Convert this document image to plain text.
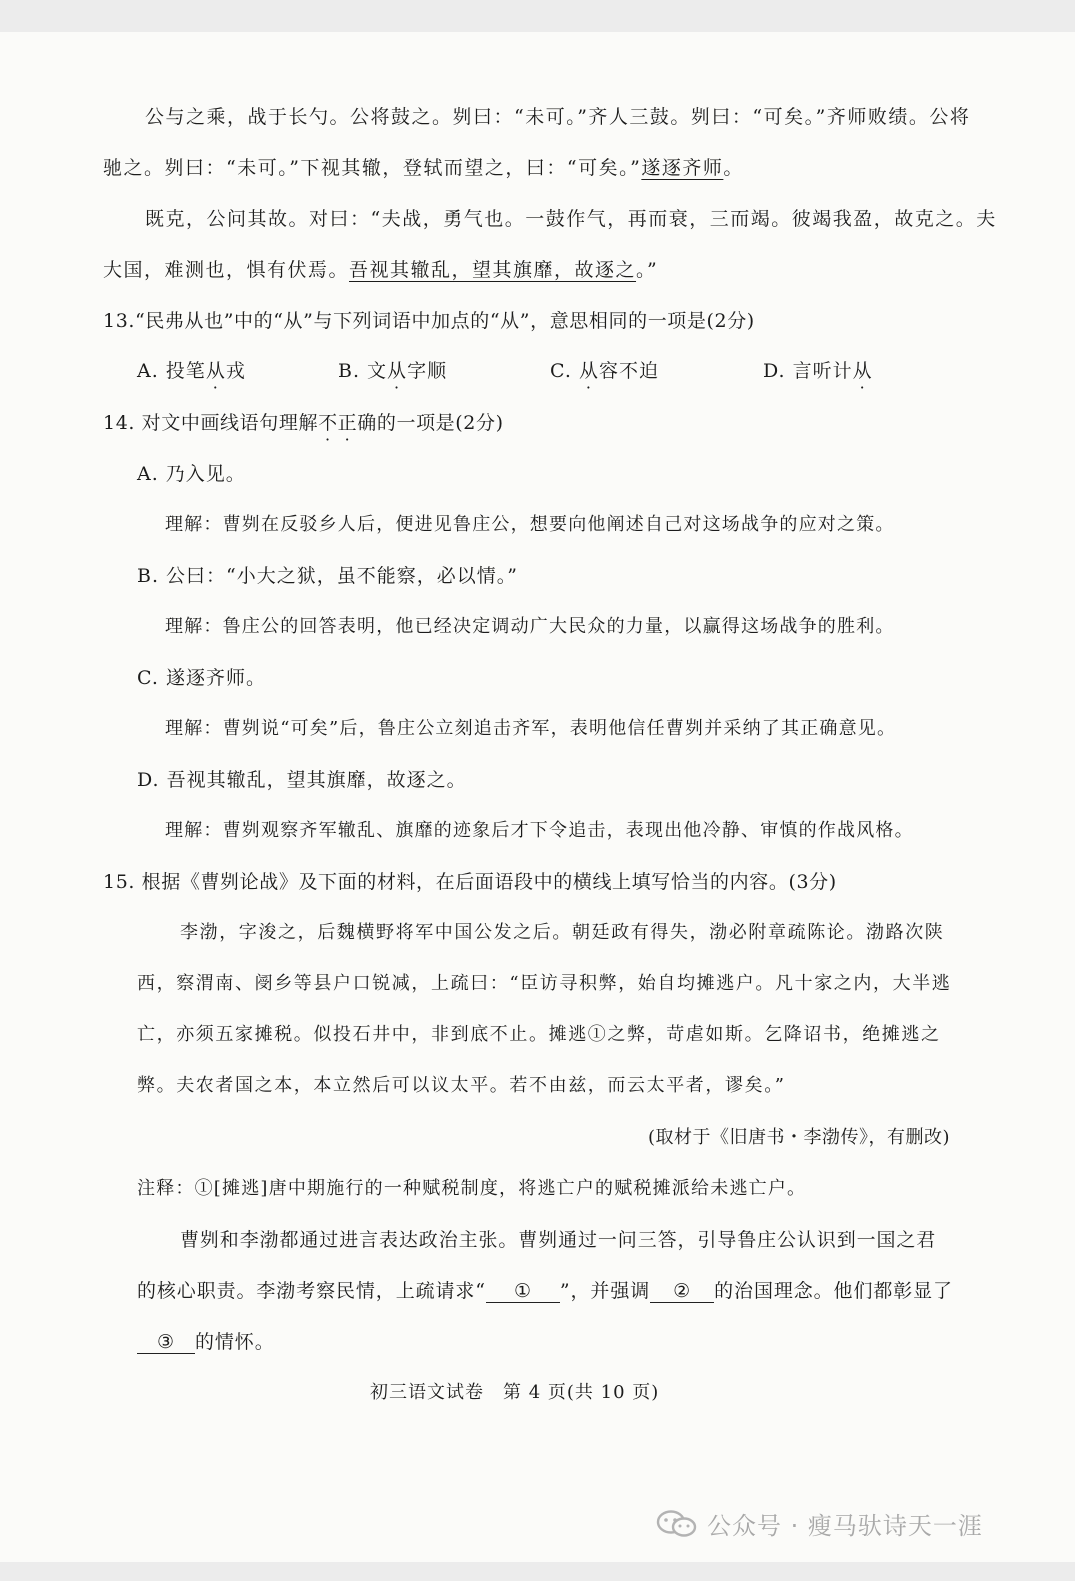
公与之乘，战于长勺。公将鼓之。刿曰：“未可。”齐人三鼓。刿曰：“可矣。”齐师败绩。公将
驰之。刿曰：“未可。”下视其辙，登轼而望之，曰：“可矣。”遂逐齐师。
既克，公问其故。对曰：“夫战，勇气也。一鼓作气，再而衰，三而竭。彼竭我盈，故克之。夫
大国，难测也，惧有伏焉。吾视其辙乱，望其旗靡，故逐之。”
13.“民弗从也”中的“从”与下列词语中加点的“从”，意思相同的一项是(2分)
A. 投笔从戎	B. 文从字顺	C. 从容不迫	D. 言听计从
14. 对文中画线语句理解不正确的一项是(2分)
A. 乃入见。
理解：曹刿在反驳乡人后，便进见鲁庄公，想要向他阐述自己对这场战争的应对之策。
B. 公曰：“小大之狱，虽不能察，必以情。”
理解：鲁庄公的回答表明，他已经决定调动广大民众的力量，以赢得这场战争的胜利。
C. 遂逐齐师。
理解：曹刿说“可矣”后，鲁庄公立刻追击齐军，表明他信任曹刿并采纳了其正确意见。
D. 吾视其辙乱，望其旗靡，故逐之。
理解：曹刿观察齐军辙乱、旗靡的迹象后才下令追击，表现出他冷静、审慎的作战风格。
15. 根据《曹刿论战》及下面的材料，在后面语段中的横线上填写恰当的内容。(3分)
李渤，字浚之，后魏横野将军中国公发之后。朝廷政有得失，渤必附章疏陈论。渤路次陕
西，察渭南、阌乡等县户口锐减，上疏曰：“臣访寻积弊，始自均摊逃户。凡十家之内，大半逃
亡，亦须五家摊税。似投石井中，非到底不止。摊逃①之弊，苛虐如斯。乞降诏书，绝摊逃之
弊。夫农者国之本，本立然后可以议太平。若不由兹，而云太平者，谬矣。”
(取材于《旧唐书・李渤传》，有删改)
注释：①[摊逃]唐中期施行的一种赋税制度，将逃亡户的赋税摊派给未逃亡户。
曹刿和李渤都通过进言表达政治主张。曹刿通过一问三答，引导鲁庄公认识到一国之君
的核心职责。李渤考察民情，上疏请求“ ① ”，并强调 ② 的治国理念。他们都彰显了
③ 的情怀。
初三语文试卷　第 4 页(共 10 页)
公众号 · 瘦马驮诗天一涯
